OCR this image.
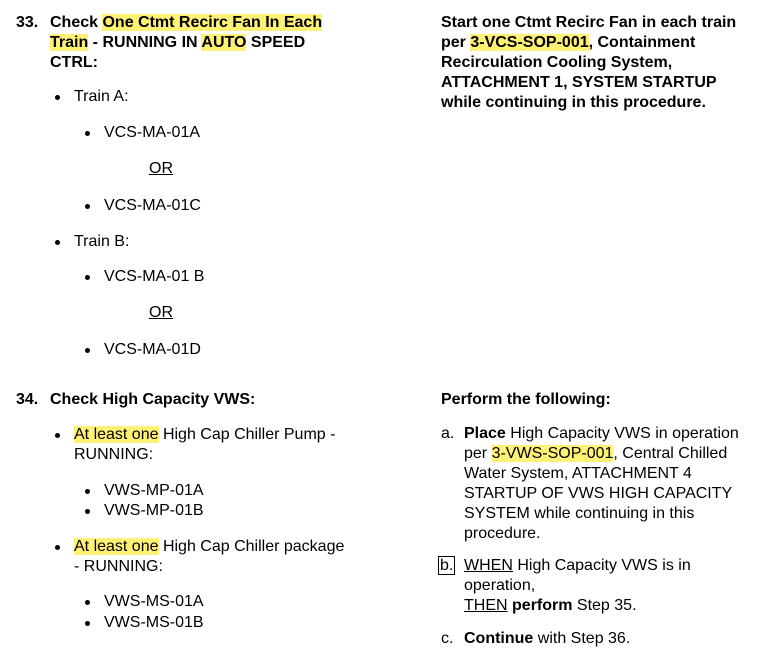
33. Check One Ctmt Recirc Fan In Each
Train - RUNNING IN AUTO SPEED
CTRL:
Train A:
VCS-MA-01A
OR
VCS-MA-01C
Train B:
VCS-MA-01 B
OR
VCS-MA-01D
Start one Ctmt Recirc Fan in each train
per 3-VCS-SOP-001, Containment
Recirculation Cooling System,
ATTACHMENT 1, SYSTEM STARTUP
while continuing in this procedure.
34. Check High Capacity VWS:
At least one High Cap Chiller Pump -
RUNNING:
VWS-MP-01A
VWS-MP-01B
At least one High Cap Chiller package
- RUNNING:
VWS-MS-01A
VWS-MS-01B
Perform the following:
a. Place High Capacity VWS in operation
per 3-VWS-SOP-001, Central Chilled
Water System, ATTACHMENT 4
STARTUP OF VWS HIGH CAPACITY
SYSTEM while continuing in this
procedure.
b. WHEN High Capacity VWS is in
operation,
THEN perform Step 35.
c. Continue with Step 36.
